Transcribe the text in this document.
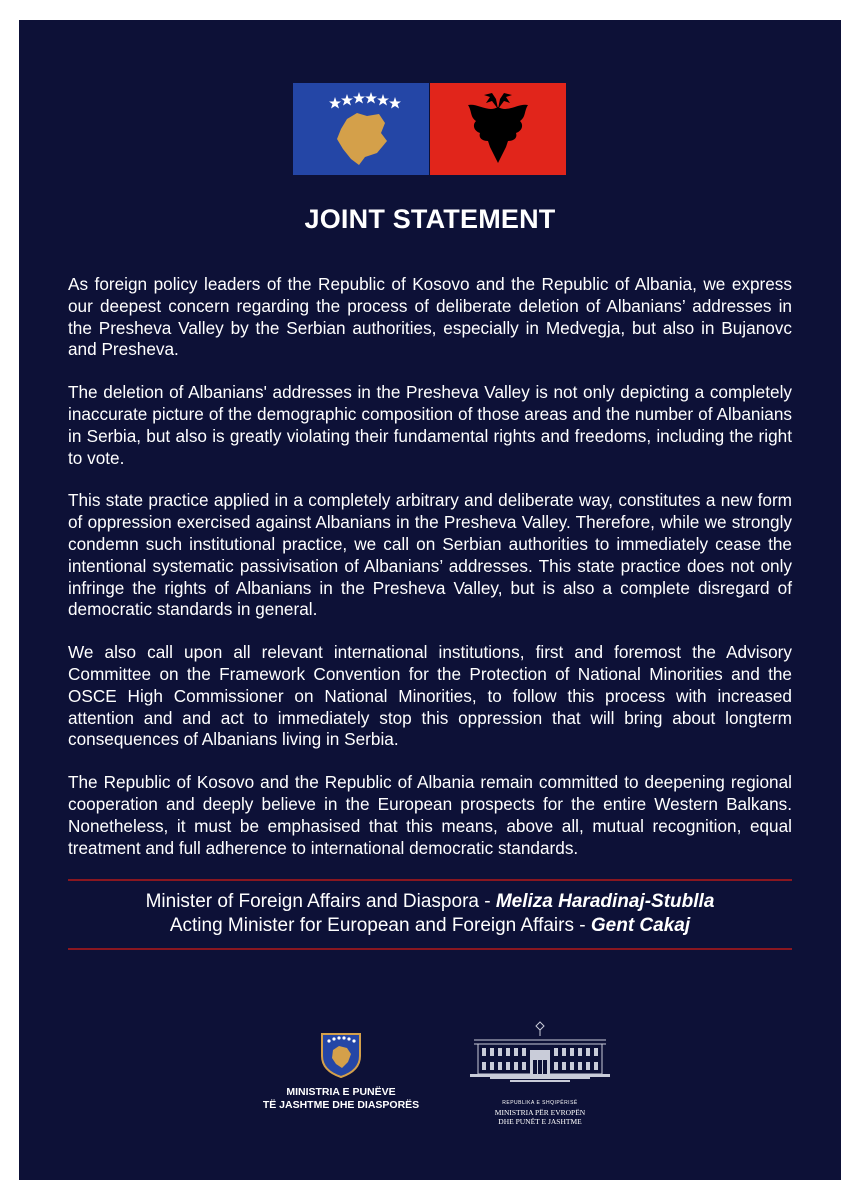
JOINT STATEMENT

As foreign policy leaders of the Republic of Kosovo and the Republic of Albania, we express our deepest concern regarding the process of deliberate deletion of Albanians’ addresses in the Presheva Valley by the Serbian authorities, especially in Medvegja, but also in Bujanovc and Presheva.

The deletion of Albanians' addresses in the Presheva Valley is not only depicting a completely inaccurate picture of the demographic composition of those areas and the number of Albanians in Serbia, but also is greatly violating their fundamental rights and freedoms, including the right to vote.

This state practice applied in a completely arbitrary and deliberate way, constitutes a new form of oppression exercised against Albanians in the Presheva Valley. Therefore, while we strongly condemn such institutional practice, we call on Serbian authorities to immediately cease the intentional systematic passivisation of Albanians’ addresses. This state practice does not only infringe the rights of Albanians in the Presheva Valley, but is also a complete disregard of democratic standards in general.

We also call upon all relevant international institutions, first and foremost the Advisory Committee on the Framework Convention for the Protection of National Minorities and the OSCE High Commissioner on National Minorities, to follow this process with increased attention and and act to immediately stop this oppression that will bring about longterm consequences of Albanians living in Serbia.

The Republic of Kosovo and the Republic of Albania remain committed to deepening regional cooperation and deeply believe in the European prospects for the entire Western Balkans. Nonetheless, it must be emphasised that this means, above all, mutual recognition, equal treatment and full adherence to international democratic standards.

Minister of Foreign Affairs and Diaspora - Meliza Haradinaj-Stublla
Acting Minister for European and Foreign Affairs - Gent Cakaj
MINISTRIA E PUNËVE
TË JASHTME DHE DIASPORËS	REPUBLIKA E SHQIPËRISË
MINISTRIA PËR EVROPËN
DHE PUNËT E JASHTME
